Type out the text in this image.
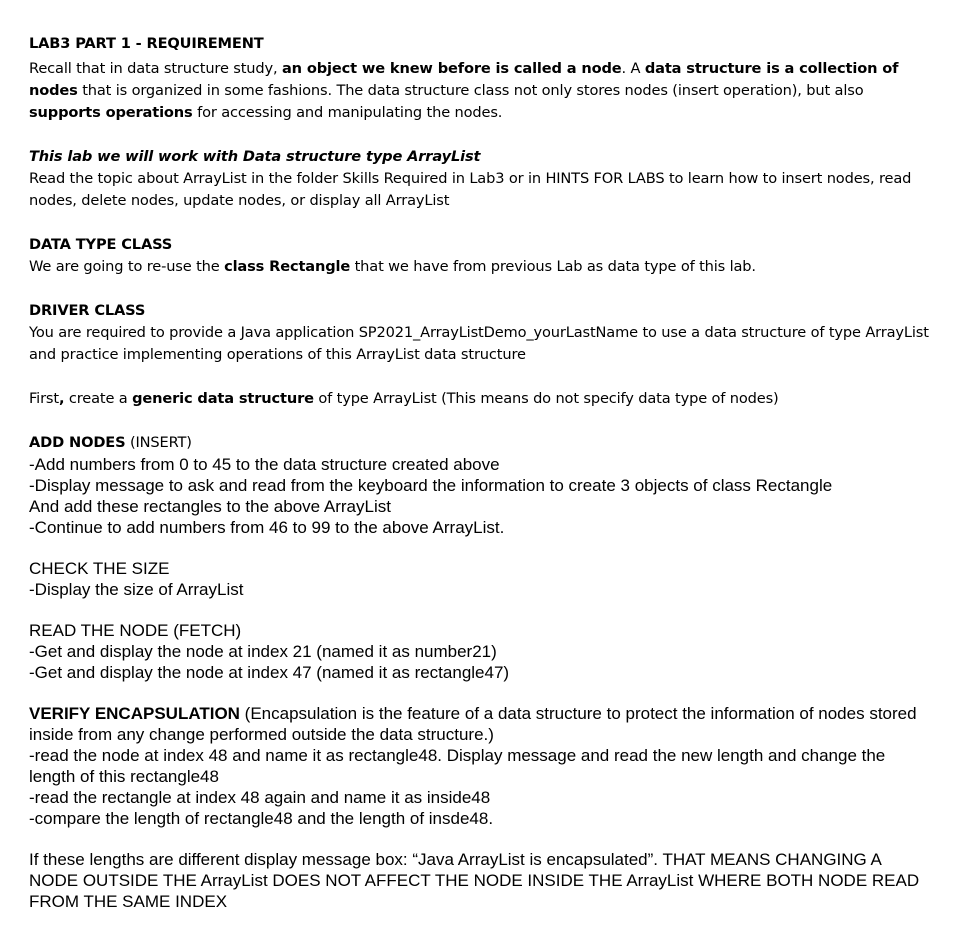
LAB3 PART 1 - REQUIREMENT

Recall that in data structure study, an object we knew before is called a node. A data structure is a collection of nodes that is organized in some fashions. The data structure class not only stores nodes (insert operation), but also supports operations for accessing and manipulating the nodes.

This lab we will work with Data structure type ArrayList

Read the topic about ArrayList in the folder Skills Required in Lab3 or in HINTS FOR LABS to learn how to insert nodes, read nodes, delete nodes, update nodes, or display all ArrayList

DATA TYPE CLASS

We are going to re-use the class Rectangle that we have from previous Lab as data type of this lab.

DRIVER CLASS

You are required to provide a Java application SP2021_ArrayListDemo_yourLastName to use a data structure of type ArrayList and practice implementing operations of this ArrayList data structure

First, create a generic data structure of type ArrayList (This means do not specify data type of nodes)

ADD NODES (INSERT)

-Add numbers from 0 to 45 to the data structure created above

-Display message to ask and read from the keyboard the information to create 3 objects of class Rectangle

And add these rectangles to the above ArrayList

-Continue to add numbers from 46 to 99 to the above ArrayList.

CHECK THE SIZE

-Display the size of ArrayList

READ THE NODE (FETCH)

-Get and display the node at index 21 (named it as number21)

-Get and display the node at index 47 (named it as rectangle47)

VERIFY ENCAPSULATION (Encapsulation is the feature of a data structure to protect the information of nodes stored inside from any change performed outside the data structure.)

-read the node at index 48 and name it as rectangle48. Display message and read the new length and change the length of this rectangle48

-read the rectangle at index 48 again and name it as inside48

-compare the length of rectangle48 and the length of insde48.

If these lengths are different display message box: “Java ArrayList is encapsulated”. THAT MEANS CHANGING A NODE OUTSIDE THE ArrayList DOES NOT AFFECT THE NODE INSIDE THE ArrayList WHERE BOTH NODE READ FROM THE SAME INDEX
